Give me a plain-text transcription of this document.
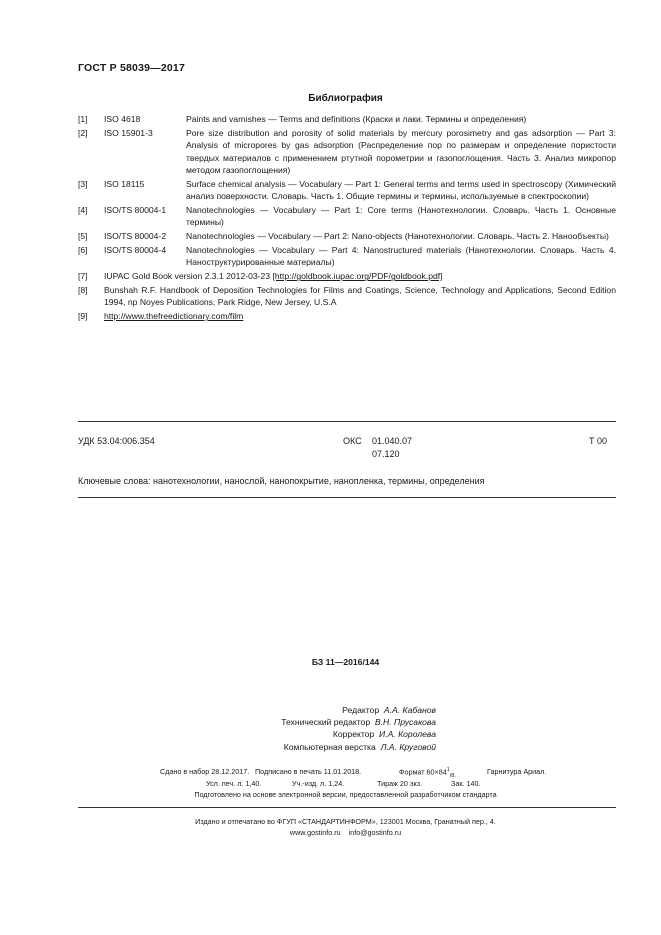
ГОСТ Р 58039—2017
Библиография
[1]	ISO 4618	Paints and varnishes — Terms and definitions (Краски и лаки. Термины и определения)
[2]	ISO 15901-3	Pore size distribution and porosity of solid materials by mercury porosimetry and gas adsorption — Part 3: Analysis of micropores by gas adsorption (Распределение пор по размерам и определение пористости твердых материалов с применением ртутной порометрии и газопоглощения. Часть 3. Анализ микропор методом газопоглощения)
[3]	ISO 18115	Surface chemical analysis — Vocabulary — Part 1: General terms and terms used in spectroscopy (Химический анализ поверхности. Словарь. Часть 1. Общие термины и термины, используемые в спектроскопии)
[4]	ISO/TS 80004-1	Nanotechnologies — Vocabulary — Part 1: Core terms (Нанотехнологии. Словарь. Часть 1. Основные термины)
[5]	ISO/TS 80004-2	Nanotechnologies — Vocabulary — Part 2: Nano-objects (Нанотехнологии. Словарь. Часть 2. Нанообъекты)
[6]	ISO/TS 80004-4	Nanotechnologies — Vocabulary — Part 4: Nanostructured materials (Нанотехнологии. Словарь. Часть 4. Наноструктурированные материалы)
[7]	IUPAC Gold Book version 2.3.1 2012-03-23 [http://goldbook.iupac.org/PDF/goldbook.pdf]
[8]	Bunshah R.F. Handbook of Deposition Technologies for Films and Coatings, Science, Technology and Applications, Second Edition 1994, np Noyes Publications, Park Ridge, New Jersey, U.S.A
[9]	http://www.thefreedictionary.com/film
УДК 53.04:006.354	ОКС 01.040.07
07.120
Т 00
Ключевые слова: нанотехнологии, нанослой, нанопокрытие, нанопленка, термины, определения
БЗ 11—2016/144
Редактор А.А. Кабанов
Технический редактор В.Н. Прусакова
Корректор И.А. Королева
Компьютерная верстка Л.А. Круговой
Сдано в набор 28.12.2017. Подписано в печать 11.01.2018.	Формат $60\times 84^1_{/8.}$	Гарнитура Ариал.
Усл. печ. л. 1,40.	Уч.-изд. л. 1,24.	Тираж 20 экз.	Зак. 140.
Подготовлено на основе электронной версии, предоставленной разработчиком стандарта
Издано и отпечатано во ФГУП «СТАНДАРТИНФОРМ», 123001 Москва, Гранатный пер., 4.
www.gostinfo.ru info@gostinfo.ru
